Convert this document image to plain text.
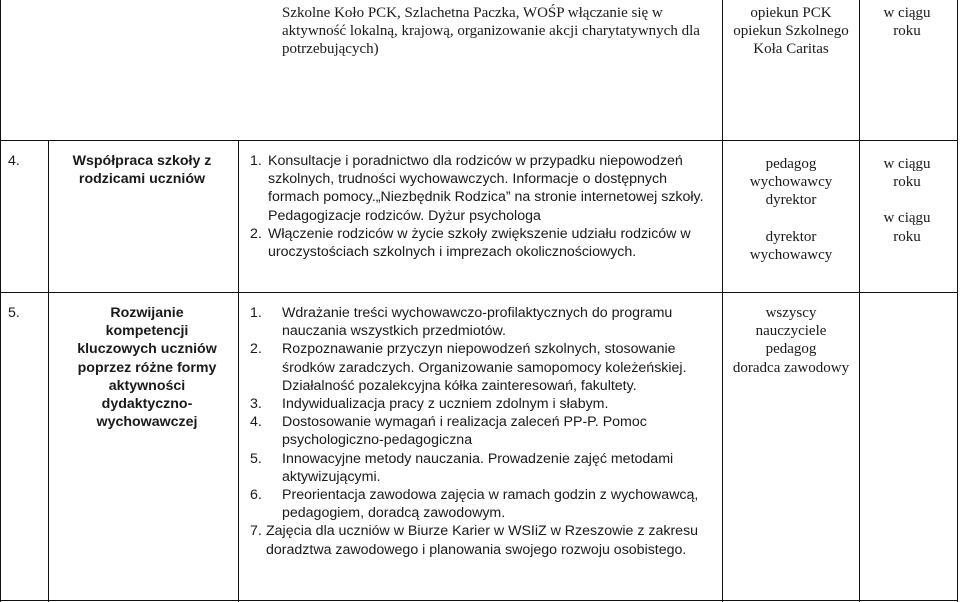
Szkolne Koło PCK, Szlachetna Paczka, WOŚP włączanie się w aktywność lokalną, krajową, organizowanie akcji charytatywnych dla potrzebujących)
opiekun PCK
opiekun Szkolnego Koła Caritas
w ciągu
roku
4.	Współpraca szkoły z rodzicami uczniów
1. Konsultacje i poradnictwo dla rodziców w przypadku niepowodzeń szkolnych, trudności wychowawczych. Informacje o dostępnych formach pomocy.„Niezbędnik Rodzica” na stronie internetowej szkoły. Pedagogizacje rodziców. Dyżur psychologa
2. Włączenie rodziców w życie szkoły zwiększenie udziału rodziców w uroczystościach szkolnych i imprezach okolicznościowych.
pedagog
wychowawcy
dyrektor
dyrektor
wychowawcy
w ciągu
roku
w ciągu
roku
5.	Rozwijanie kompetencji kluczowych uczniów poprzez różne formy aktywności dydaktyczno-wychowawczej
1. Wdrażanie treści wychowawczo-profilaktycznych do programu nauczania wszystkich przedmiotów.
2. Rozpoznawanie przyczyn niepowodzeń szkolnych, stosowanie środków zaradczych. Organizowanie samopomocy koleżeńskiej. Działalność pozalekcyjna kółka zainteresowań, fakultety.
3. Indywidualizacja pracy z uczniem zdolnym i słabym.
4. Dostosowanie wymagań i realizacja zaleceń PP-P. Pomoc psychologiczno-pedagogiczna
5. Innowacyjne metody nauczania. Prowadzenie zajęć metodami aktywizującymi.
6. Preorientacja zawodowa zajęcia w ramach godzin z wychowawcą, pedagogiem, doradcą zawodowym.
7. Zajęcia dla uczniów w Biurze Karier w WSIiZ w Rzeszowie z zakresu doradztwa zawodowego i planowania swojego rozwoju osobistego.
wszyscy
nauczyciele
pedagog
doradca zawodowy
